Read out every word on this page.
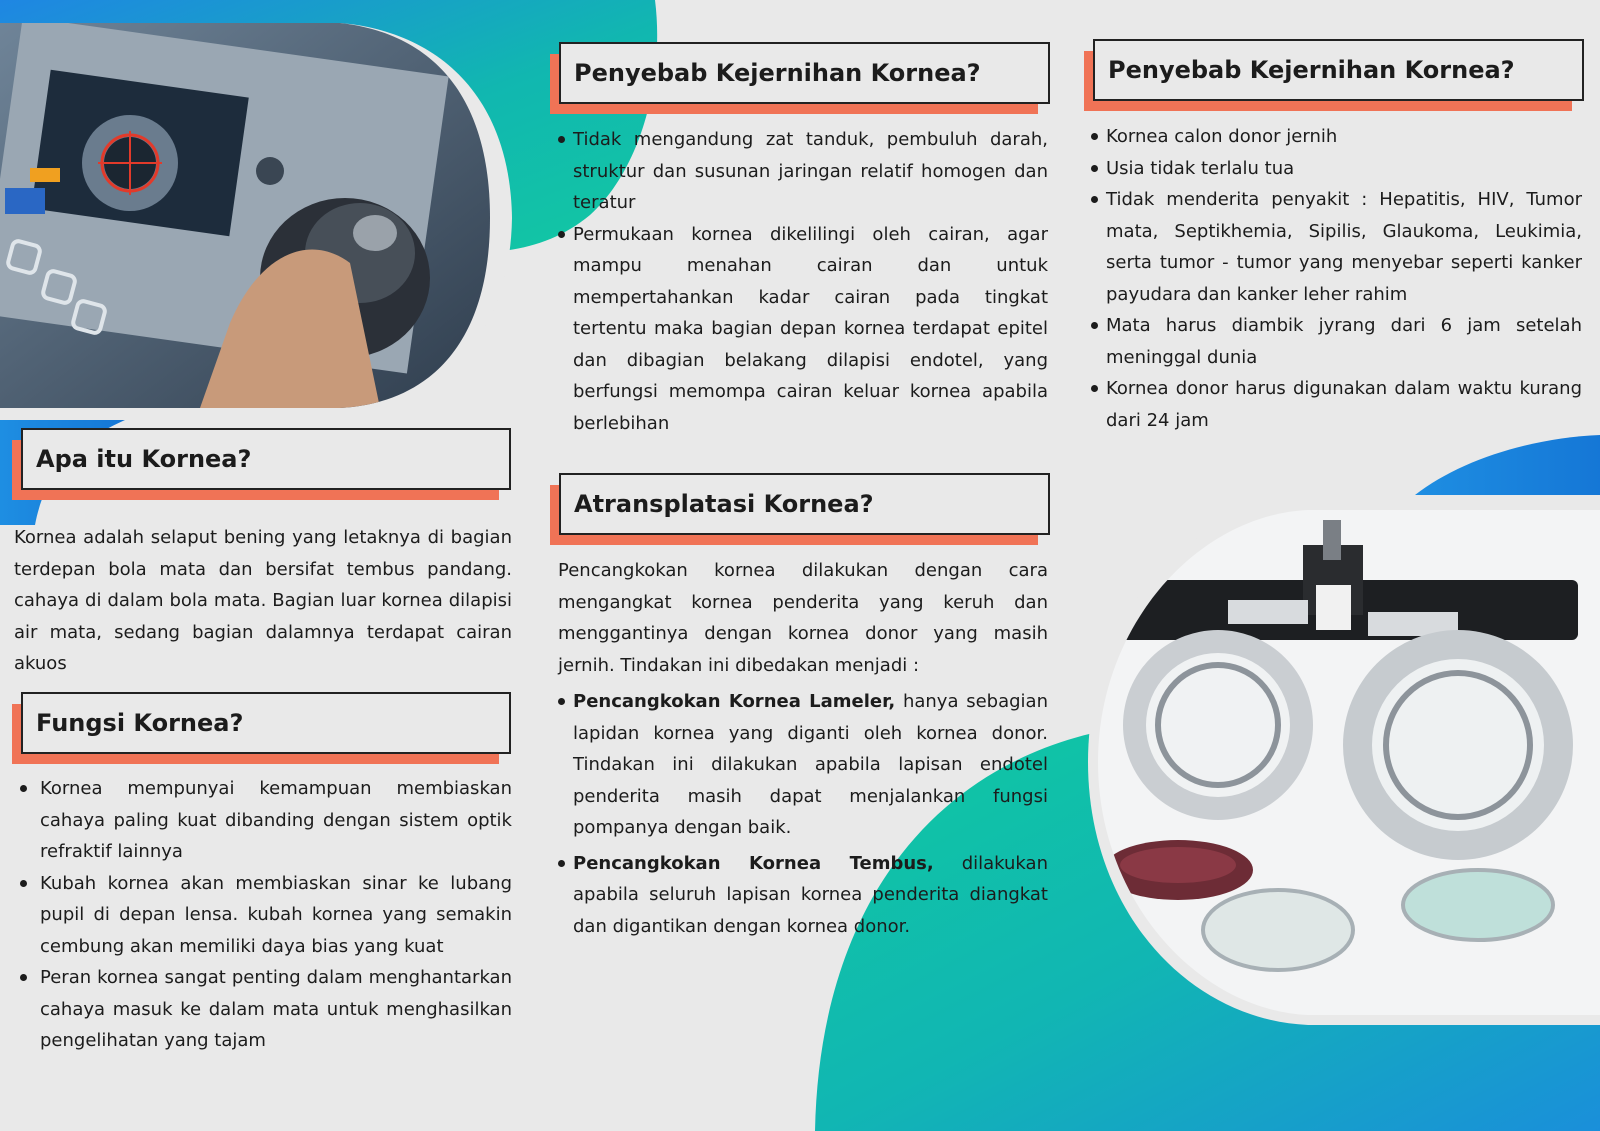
Apa itu Kornea?

Kornea adalah selaput bening yang letaknya di bagian terdepan bola mata dan bersifat tembus pandang. cahaya di dalam bola mata. Bagian luar kornea dilapisi air mata, sedang bagian dalamnya terdapat cairan akuos

Fungsi Kornea?
Kornea mempunyai kemampuan membiaskan cahaya paling kuat dibanding dengan sistem optik refraktif lainnya
Kubah kornea akan membiaskan sinar ke lubang pupil di depan lensa. kubah kornea yang semakin cembung akan memiliki daya bias yang kuat
Peran kornea sangat penting dalam menghantarkan cahaya masuk ke dalam mata untuk menghasilkan pengelihatan yang tajam
Penyebab Kejernihan Kornea?
Tidak mengandung zat tanduk, pembuluh darah, struktur dan susunan jaringan relatif homogen dan teratur
Permukaan kornea dikelilingi oleh cairan, agar mampu menahan cairan dan untuk mempertahankan kadar cairan pada tingkat tertentu maka bagian depan kornea terdapat epitel dan dibagian belakang dilapisi endotel, yang berfungsi memompa cairan keluar kornea apabila berlebihan
Atransplatasi Kornea?

Pencangkokan kornea dilakukan dengan cara mengangkat kornea penderita yang keruh dan menggantinya dengan kornea donor yang masih jernih. Tindakan ini dibedakan menjadi :

Pencangkokan Kornea Lameler, hanya sebagian lapidan kornea yang diganti oleh kornea donor. Tindakan ini dilakukan apabila lapisan endotel penderita masih dapat menjalankan fungsi pompanya dengan baik.
Pencangkokan Kornea Tembus, dilakukan apabila seluruh lapisan kornea penderita diangkat dan digantikan dengan kornea donor.
Penyebab Kejernihan Kornea?
Kornea calon donor jernih
Usia tidak terlalu tua
Tidak menderita penyakit : Hepatitis, HIV, Tumor mata, Septikhemia, Sipilis, Glaukoma, Leukimia, serta tumor - tumor yang menyebar seperti kanker payudara dan kanker leher rahim
Mata harus diambik jyrang dari 6 jam setelah meninggal dunia
Kornea donor harus digunakan dalam waktu kurang dari 24 jam
